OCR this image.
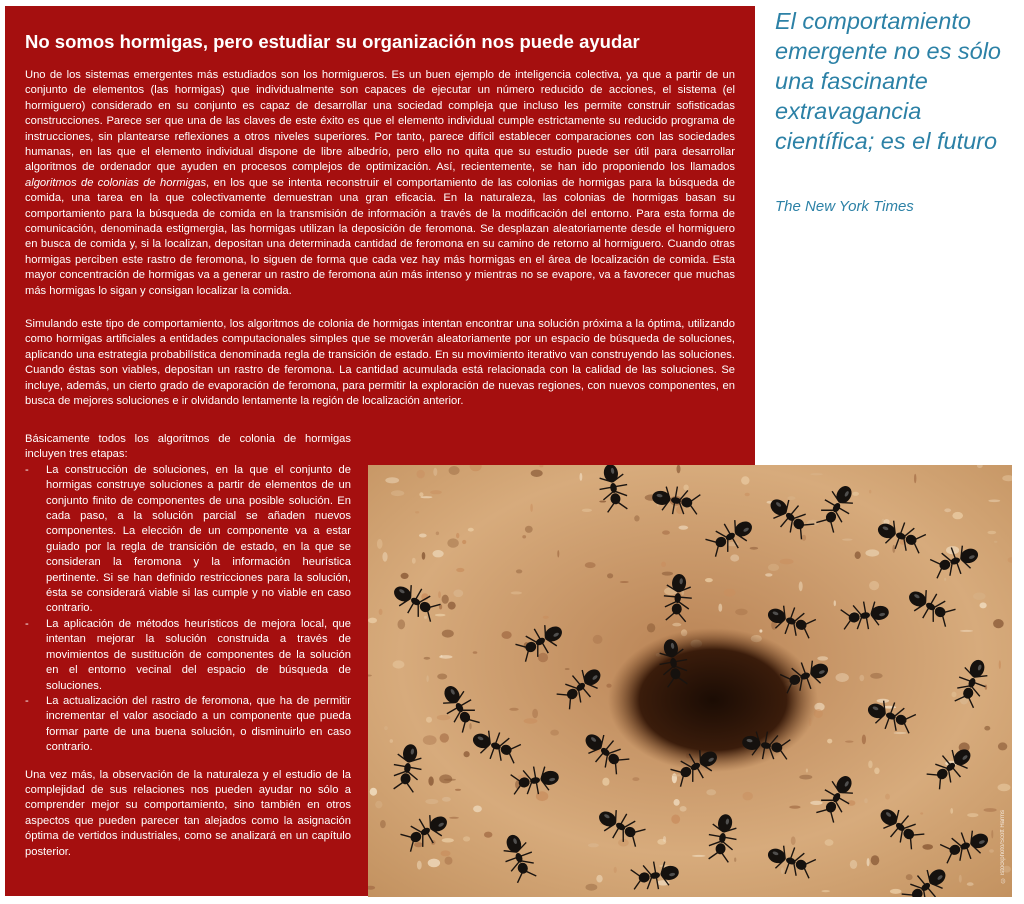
No somos hormigas, pero estudiar su organización nos puede ayudar

Uno de los sistemas emergentes más estudiados son los hormigueros. Es un buen ejemplo de inteligencia colectiva, ya que a partir de un conjunto de elementos (las hormigas) que individualmente son capaces de ejecutar un número reducido de acciones, el sistema (el hormiguero) considerado en su conjunto es capaz de desarrollar una sociedad compleja que incluso les permite construir sofisticadas construcciones. Parece ser que una de las claves de este éxito es que el elemento individual cumple estrictamente su reducido programa de instrucciones, sin plantearse reflexiones a otros niveles superiores. Por tanto, parece difícil establecer comparaciones con las sociedades humanas, en las que el elemento individual dispone de libre albedrío, pero ello no quita que su estudio puede ser útil para desarrollar algoritmos de ordenador que ayuden en procesos complejos de optimización. Así, recientemente, se han ido proponiendo los llamados algoritmos de colonias de hormigas, en los que se intenta reconstruir el comportamiento de las colonias de hormigas para la búsqueda de comida, una tarea en la que colectivamente demuestran una gran eficacia. En la naturaleza, las colonias de hormigas basan su comportamiento para la búsqueda de comida en la transmisión de información a través de la modificación del entorno. Para esta forma de comunicación, denominada estigmergia, las hormigas utilizan la deposición de feromona. Se desplazan aleatoriamente desde el hormiguero en busca de comida y, si la localizan, depositan una determinada cantidad de feromona en su camino de retorno al hormiguero. Cuando otras hormigas perciben este rastro de feromona, lo siguen de forma que cada vez hay más hormigas en el área de localización de comida. Esta mayor concentración de hormigas va a generar un rastro de feromona aún más intenso y mientras no se evapore, va a favorecer que muchas más hormigas lo sigan y consigan localizar la comida.

Simulando este tipo de comportamiento, los algoritmos de colonia de hormigas intentan encontrar una solución próxima a la óptima, utilizando como hormigas artificiales a entidades computacionales simples que se moverán aleatoriamente por un espacio de búsqueda de soluciones, aplicando una estrategia probabilística denominada regla de transición de estado. En su movimiento iterativo van construyendo las soluciones. Cuando éstas son viables, depositan un rastro de feromona. La cantidad acumulada está relacionada con la calidad de las soluciones. Se incluye, además, un cierto grado de evaporación de feromona, para permitir la exploración de nuevas regiones, con nuevos componentes, en busca de mejores soluciones e ir olvidando lentamente la región de localización anterior.

Básicamente todos los algoritmos de colonia de hormigas incluyen tres etapas:

- La construcción de soluciones, en la que el conjunto de hormigas construye soluciones a partir de elementos de un conjunto finito de componentes de una posible solución. En cada paso, a la solución parcial se añaden nuevos componentes. La elección de un componente va a estar guiado por la regla de transición de estado, en la que se consideran la feromona y la información heurística pertinente. Si se han definido restricciones para la solución, ésta se considerará viable si las cumple y no viable en caso contrario.
- La aplicación de métodos heurísticos de mejora local, que intentan mejorar la solución construida a través de movimientos de sustitución de componentes de la solución en el entorno vecinal del espacio de búsqueda de soluciones.
- La actualización del rastro de feromona, que ha de permitir incrementar el valor asociado a un componente que pueda formar parte de una buena solución, o disminuirlo en caso contrario.

Una vez más, la observación de la naturaleza y el estudio de la complejidad de sus relaciones nos pueden ayudar no sólo a comprender mejor su comportamiento, sino también en otros aspectos que pueden parecer tan alejados como la asignación óptima de vertidos industriales, como se analizará en un capítulo posterior.

El comportamiento emergente no es sólo una fascinante extravagancia científica; es el futuro
The New York Times
© istockphoto/Scott Harms
